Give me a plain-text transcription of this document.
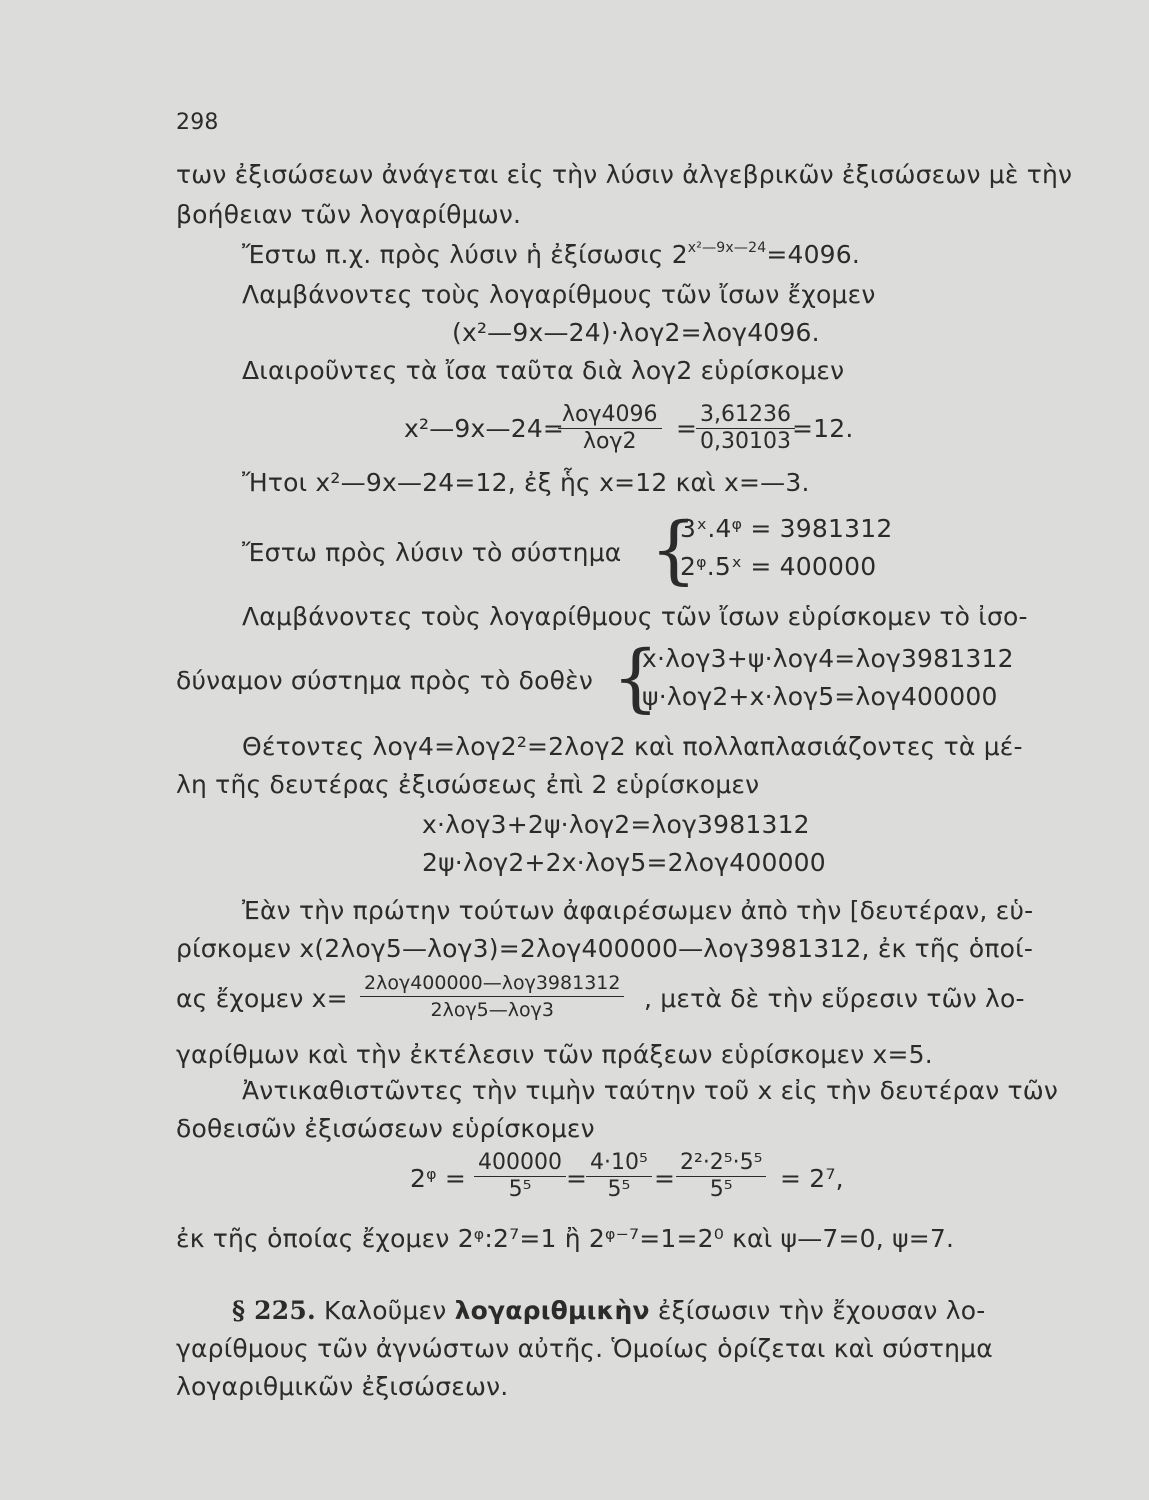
298
των ἐξισώσεων ἀνάγεται εἰς τὴν λύσιν ἀλγεβρικῶν ἐξισώσεων μὲ τὴν
βοήθειαν τῶν λογαρίθμων.
Ἔστω π.χ. πρὸς λύσιν ἡ ἐξίσωσις $2^{x^2—9x—24}=4096$.
Λαμβάνοντες τοὺς λογαρίθμους τῶν ἴσων ἔχομεν
(x²—9x—24)·λογ2=λογ4096.
Διαιροῦντες τὰ ἴσα ταῦτα διὰ λογ2 εὑρίσκομεν
x²—9x—24=
λογ4096
λογ2	=
$\frac{3,61236}{0,30103}$
=12.
Ἤτοι x²—9x—24=12, ἐξ ἧς x=12 καὶ x=—3.
Ἔστω πρὸς λύσιν τὸ σύστημα {
3ˣ.4ᵠ = 3981312
2ᵠ.5ˣ = 400000
Λαμβάνοντες τοὺς λογαρίθμους τῶν ἴσων εὑρίσκομεν τὸ ἰσο-
δύναμον σύστημα πρὸς τὸ δοθὲν {
x·λογ3+ψ·λογ4=λογ3981312
ψ·λογ2+x·λογ5=λογ400000
Θέτοντες λογ4=λογ2²=2λογ2 καὶ πολλαπλασιάζοντες τὰ μέ-
λη τῆς δευτέρας ἐξισώσεως ἐπὶ 2 εὑρίσκομεν
x·λογ3+2ψ·λογ2=λογ3981312
2ψ·λογ2+2x·λογ5=2λογ400000
Ἐὰν τὴν πρώτην τούτων ἀφαιρέσωμεν ἀπὸ τὴν [δευτέραν, εὑ-
ρίσκομεν x(2λογ5—λογ3)=2λογ400000—λογ3981312, ἐκ τῆς ὁποί-
ας ἔχομεν x=
2λογ400000—λογ3981312
2λογ5—λογ3	, μετὰ δὲ τὴν εὕρεσιν τῶν λο-
γαρίθμων καὶ τὴν ἐκτέλεσιν τῶν πράξεων εὑρίσκομεν x=5.
Ἀντικαθιστῶντες τὴν τιμὴν ταύτην τοῦ x εἰς τὴν δευτέραν τῶν
δοθεισῶν ἐξισώσεων εὑρίσκομεν
2ᵠ = $\frac{400000}{\text{5⁵}}$ =
$\frac{\text{4·10⁵}}{\text{5⁵}} = \frac{\text{2²·2⁵·5⁵}}{\text{5⁵}} = 2^7$,
ἐκ τῆς ὁποίας ἔχομεν 2ᵠ:2⁷=1 ἢ 2ᵠ⁻⁷=1=2⁰ καὶ ψ—7=0, ψ=7.
§ 225. Καλοῦμεν λογαριθμικὴν ἐξίσωσιν τὴν ἔχουσαν λο-
γαρίθμους τῶν ἀγνώστων αὐτῆς. Ὁμοίως ὁρίζεται καὶ σύστημα
λογαριθμικῶν ἐξισώσεων.
